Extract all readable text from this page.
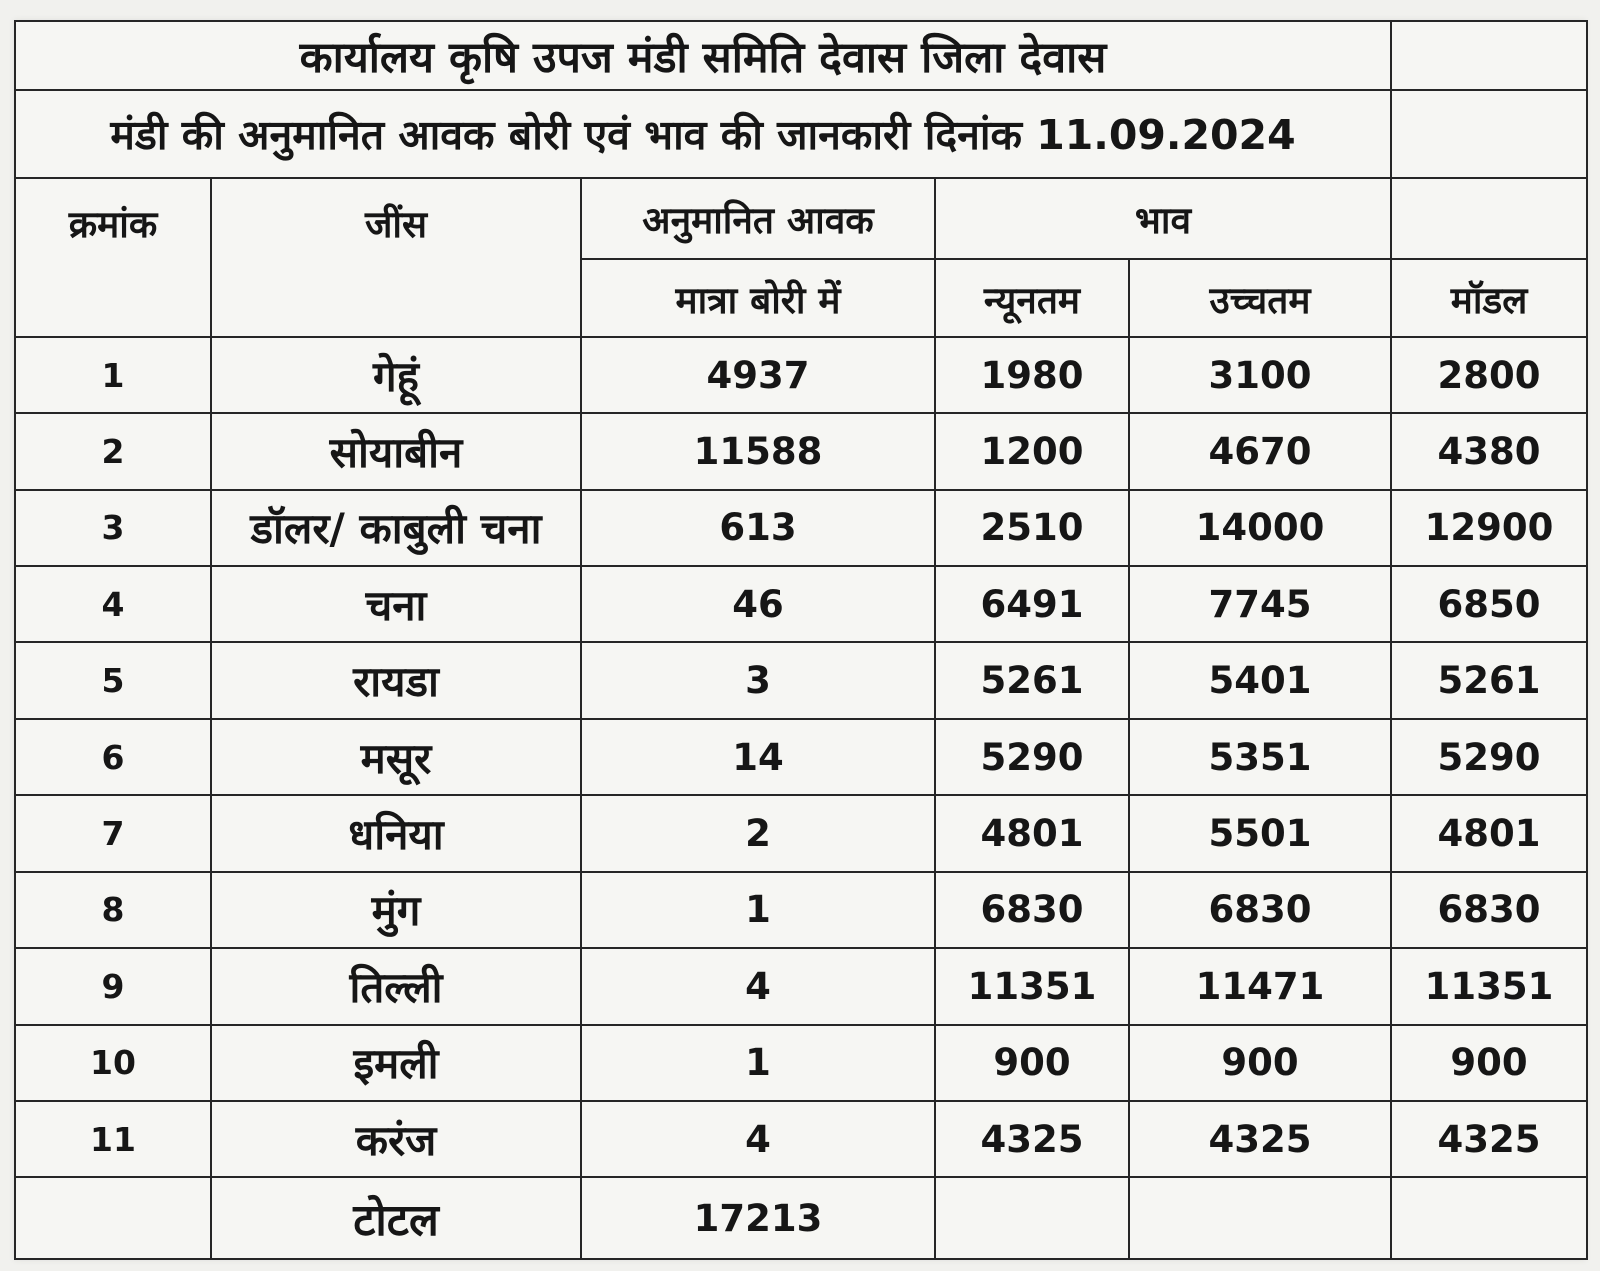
कार्यालय कृषि उपज मंडी समिति देवास जिला देवास					
मंडी की अनुमानित आवक बोरी एवं भाव की जानकारी दिनांक 11.09.2024					
क्रमांक	जींस	अनुमानित आवक	भाव		
		मात्रा बोरी में	न्यूनतम	उच्चतम	मॉडल
1	गेहूं	4937	1980	3100	2800
2	सोयाबीन	11588	1200	4670	4380
3	डॉलर/ काबुली चना	613	2510	14000	12900
4	चना	46	6491	7745	6850
5	रायडा	3	5261	5401	5261
6	मसूर	14	5290	5351	5290
7	धनिया	2	4801	5501	4801
8	मुंग	1	6830	6830	6830
9	तिल्ली	4	11351	11471	11351
10	इमली	1	900	900	900
11	करंज	4	4325	4325	4325
	टोटल	17213			
